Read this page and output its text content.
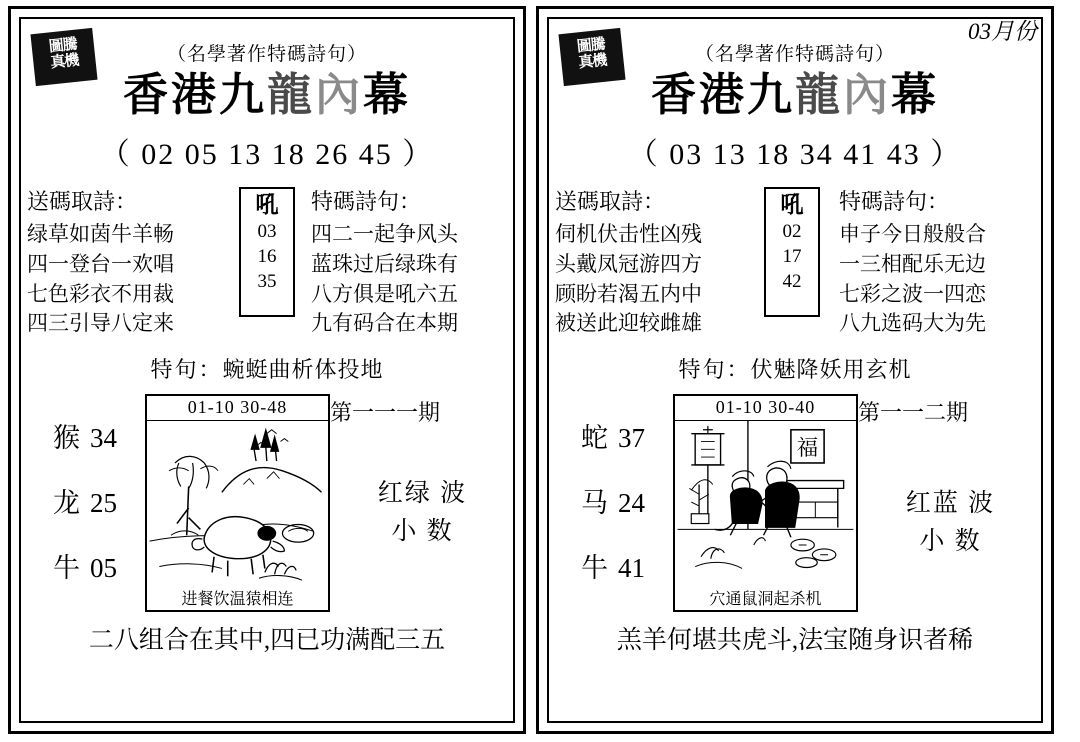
圖騰
真機	（名學著作特碼詩句）
香港九龍內幕
（ 02 05 13 18 26 45 ）
送碼取詩：
绿草如茵牛羊畅
四一登台一欢唱
七色彩衣不用裁
四三引导八定来
吼
03
16
35
特碼詩句：
四二一起争风头
蓝珠过后绿珠有
八方俱是吼六五
九有码合在本期
特句：蜿蜓曲析体投地
猴 34
龙 25
牛 05
01-10 30-48
进餐饮温猿相连
第一一一期
红绿 波
小 数
二八组合在其中,四已功满配三五
圖騰
真機
03月份
（名學著作特碼詩句）
香港九龍內幕
（ 03 13 18 34 41 43 ）
送碼取詩：
伺机伏击性凶残
头戴凤冠游四方
顾盼若渴五内中
被送此迎较雌雄
吼
02
17
42
特碼詩句：
申子今日般般合
一三相配乐无边
七彩之波一四恋
八九选码大为先
特句：伏魅降妖用玄机
蛇 37
马 24
牛 41
01-10 30-40
福
穴通鼠洞起杀机
第一一二期
红蓝 波
小 数
羔羊何堪共虎斗,法宝随身识者稀
